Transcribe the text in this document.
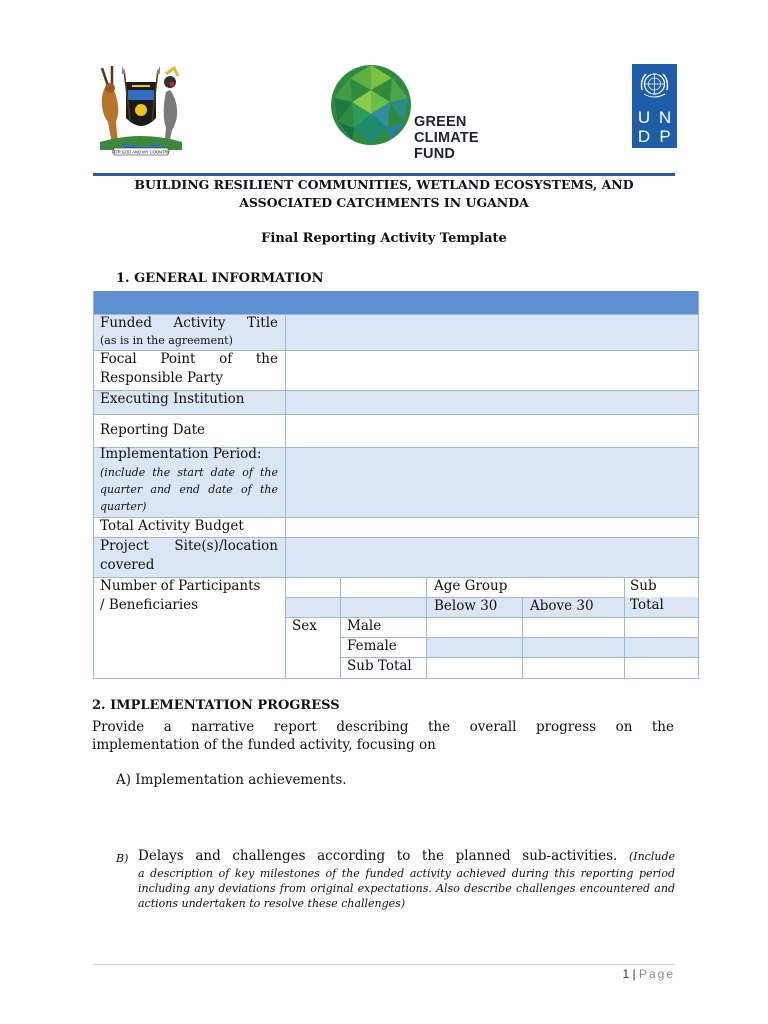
FOR GOD AND MY COUNTRY
GREEN
CLIMATE
FUND
U N
D P
BUILDING RESILIENT COMMUNITIES, WETLAND ECOSYSTEMS, AND
ASSOCIATED CATCHMENTS IN UGANDA
Final Reporting Activity Template
1. GENERAL INFORMATION
Funded Activity Title
(as is in the agreement)
Focal Point of the
Responsible Party
Executing Institution
Reporting Date
Implementation Period:
(include the start date of the
quarter and end date of the
quarter)
Total Activity Budget
Project Site(s)/location
covered
Number of Participants
/ Beneficiaries
Age Group	Sub
Total
Below 30 Above 30
Sex Male
Female
Sub Total
2. IMPLEMENTATION PROGRESS
Provide a narrative report describing the overall progress on the
implementation of the funded activity, focusing on
A) Implementation achievements.
B) Delays and challenges according to the planned sub-activities. (Include
a description of key milestones of the funded activity achieved during this reporting period including any deviations from original expectations. Also describe challenges encountered and actions undertaken to resolve these challenges)
1 | Page
